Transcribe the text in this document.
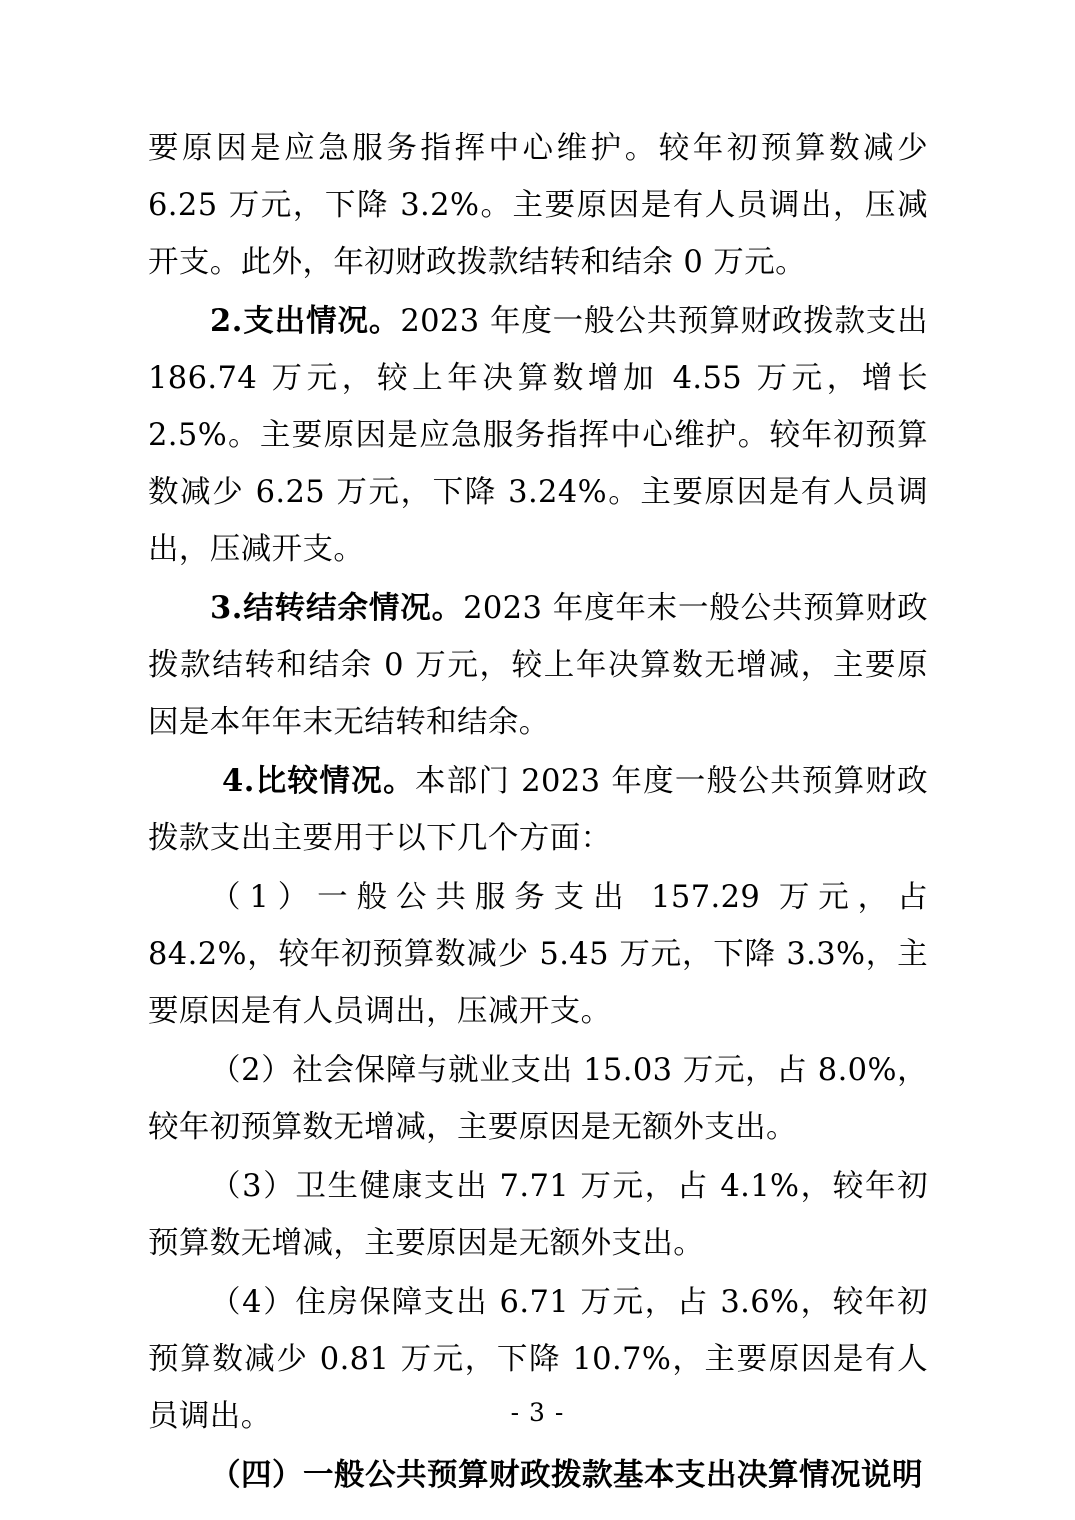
要原因是应急服务指挥中心维护。较年初预算数减少 6.25 万元，下降 3.2%。主要原因是有人员调出，压减开支。此外，年初财政拨款结转和结余 0 万元。

2.支出情况。2023 年度一般公共预算财政拨款支出 186.74 万元，较上年决算数增加 4.55 万元，增长 2.5%。主要原因是应急服务指挥中心维护。较年初预算数减少 6.25 万元，下降 3.24%。主要原因是有人员调出，压减开支。

3.结转结余情况。2023 年度年末一般公共预算财政拨款结转和结余 0 万元，较上年决算数无增减，主要原因是本年年末无结转和结余。

4.比较情况。本部门 2023 年度一般公共预算财政拨款支出主要用于以下几个方面：

（1）一般公共服务支出 157.29 万元，占 84.2%，较年初预算数减少 5.45 万元，下降 3.3%，主要原因是有人员调出，压减开支。

（2）社会保障与就业支出 15.03 万元，占 8.0%，较年初预算数无增减，主要原因是无额外支出。

（3）卫生健康支出 7.71 万元，占 4.1%，较年初预算数无增减，主要原因是无额外支出。

（4）住房保障支出 6.71 万元，占 3.6%，较年初预算数减少 0.81 万元，下降 10.7%，主要原因是有人员调出。

（四）一般公共预算财政拨款基本支出决算情况说明

- 3 -
